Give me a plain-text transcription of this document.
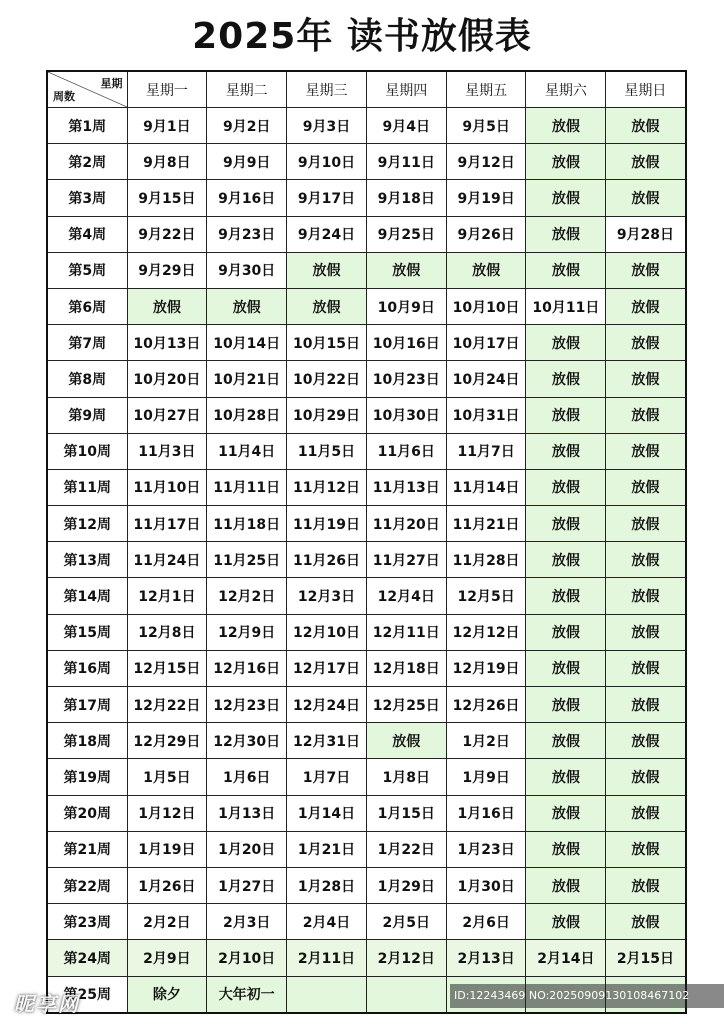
2025年 读书放假表
星期
周数	星期一	星期二	星期三	星期四	星期五	星期六	星期日
第1周	9月1日	9月2日	9月3日	9月4日	9月5日	放假	放假
第2周	9月8日	9月9日	9月10日	9月11日	9月12日	放假	放假
第3周	9月15日	9月16日	9月17日	9月18日	9月19日	放假	放假
第4周	9月22日	9月23日	9月24日	9月25日	9月26日	放假	9月28日
第5周	9月29日	9月30日	放假	放假	放假	放假	放假
第6周	放假	放假	放假	10月9日	10月10日	10月11日	放假
第7周	10月13日	10月14日	10月15日	10月16日	10月17日	放假	放假
第8周	10月20日	10月21日	10月22日	10月23日	10月24日	放假	放假
第9周	10月27日	10月28日	10月29日	10月30日	10月31日	放假	放假
第10周	11月3日	11月4日	11月5日	11月6日	11月7日	放假	放假
第11周	11月10日	11月11日	11月12日	11月13日	11月14日	放假	放假
第12周	11月17日	11月18日	11月19日	11月20日	11月21日	放假	放假
第13周	11月24日	11月25日	11月26日	11月27日	11月28日	放假	放假
第14周	12月1日	12月2日	12月3日	12月4日	12月5日	放假	放假
第15周	12月8日	12月9日	12月10日	12月11日	12月12日	放假	放假
第16周	12月15日	12月16日	12月17日	12月18日	12月19日	放假	放假
第17周	12月22日	12月23日	12月24日	12月25日	12月26日	放假	放假
第18周	12月29日	12月30日	12月31日	放假	1月2日	放假	放假
第19周	1月5日	1月6日	1月7日	1月8日	1月9日	放假	放假
第20周	1月12日	1月13日	1月14日	1月15日	1月16日	放假	放假
第21周	1月19日	1月20日	1月21日	1月22日	1月23日	放假	放假
第22周	1月26日	1月27日	1月28日	1月29日	1月30日	放假	放假
第23周	2月2日	2月3日	2月4日	2月5日	2月6日	放假	放假
第24周	2月9日	2月10日	2月11日	2月12日	2月13日	2月14日	2月15日
第25周	除夕	大年初一					
昵享网	ID:12243469 NO:20250909130108467102
